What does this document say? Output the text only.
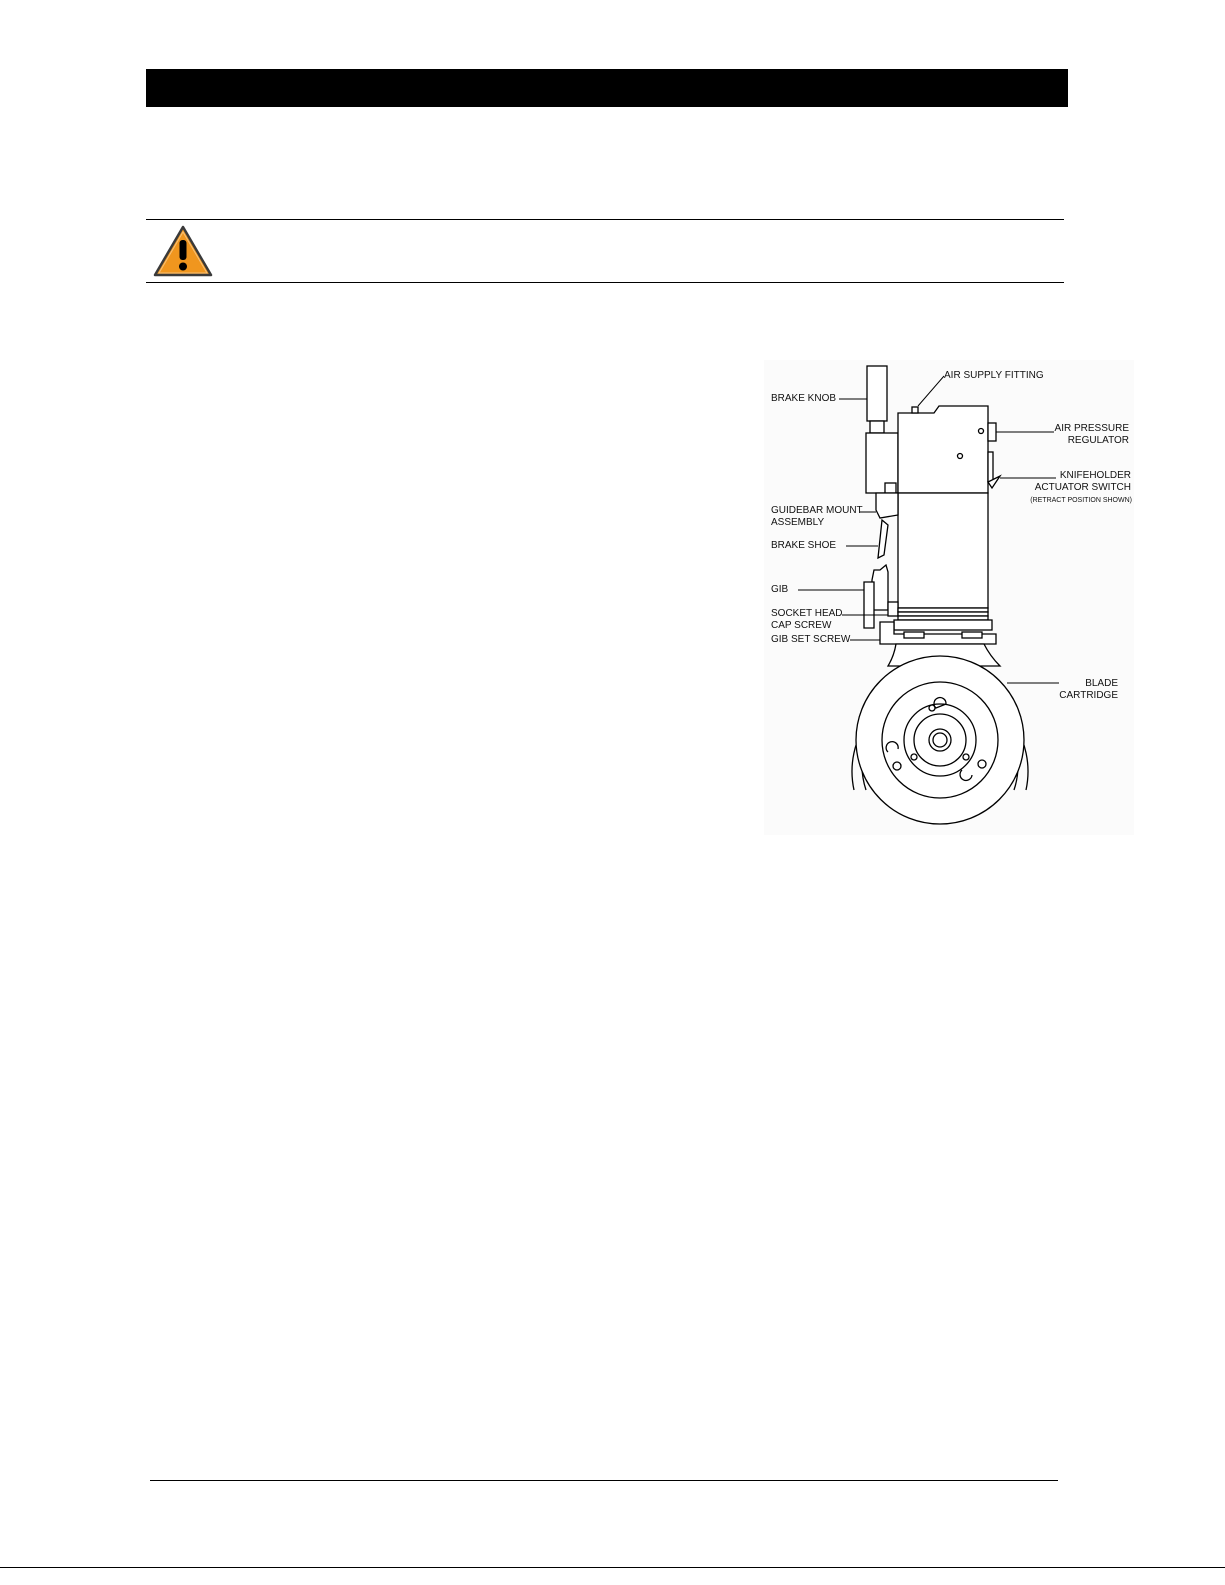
BRAKE KNOB
AIR SUPPLY FITTING
AIR PRESSURE
REGULATOR
KNIFEHOLDER
ACTUATOR SWITCH
(RETRACT POSITION SHOWN)
GUIDEBAR MOUNT
ASSEMBLY
BRAKE SHOE
GIB
SOCKET HEAD
CAP SCREW
GIB SET SCREW
BLADE
CARTRIDGE
